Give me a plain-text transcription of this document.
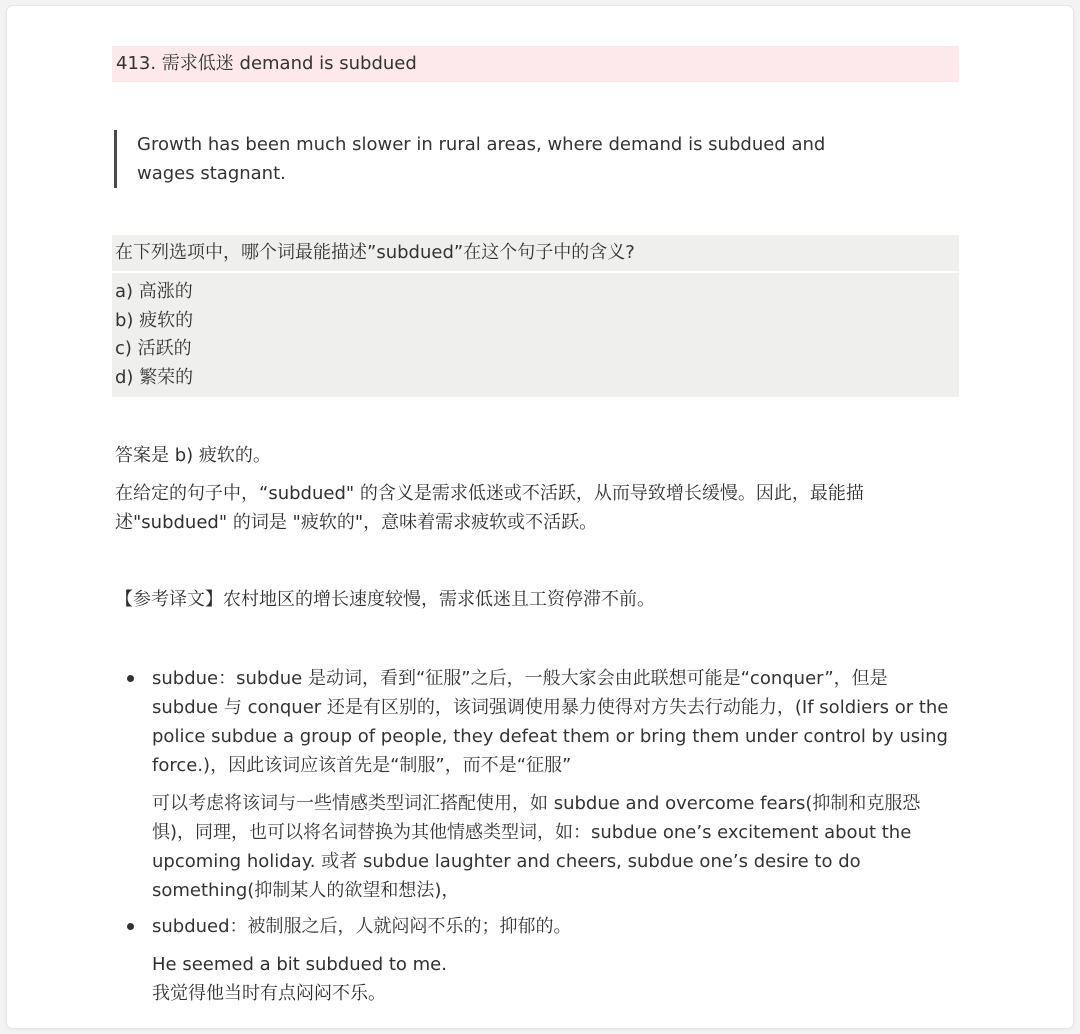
413. 需求低迷 demand is subdued
Growth has been much slower in rural areas, where demand is subdued and wages stagnant.
在下列选项中，哪个词最能描述”subdued”在这个句子中的含义?
a) 高涨的
b) 疲软的
c) 活跃的
d) 繁荣的
答案是 b) 疲软的。
在给定的句子中，“subdued" 的含义是需求低迷或不活跃，从而导致增长缓慢。因此，最能描述"subdued" 的词是 "疲软的"，意味着需求疲软或不活跃。
【参考译文】农村地区的增长速度较慢，需求低迷且工资停滞不前。
subdue：subdue 是动词，看到“征服”之后，一般大家会由此联想可能是“conquer”，但是 subdue 与 conquer 还是有区别的，该词强调使用暴力使得对方失去行动能力，(If soldiers or the police subdue a group of people, they defeat them or bring them under control by using force.)，因此该词应该首先是“制服”，而不是“征服”
可以考虑将该词与一些情感类型词汇搭配使用，如 subdue and overcome fears(抑制和克服恐惧)，同理，也可以将名词替换为其他情感类型词，如：subdue one’s excitement about the upcoming holiday. 或者 subdue laughter and cheers, subdue one’s desire to do something(抑制某人的欲望和想法)，
subdued：被制服之后，人就闷闷不乐的；抑郁的。
He seemed a bit subdued to me.
我觉得他当时有点闷闷不乐。
